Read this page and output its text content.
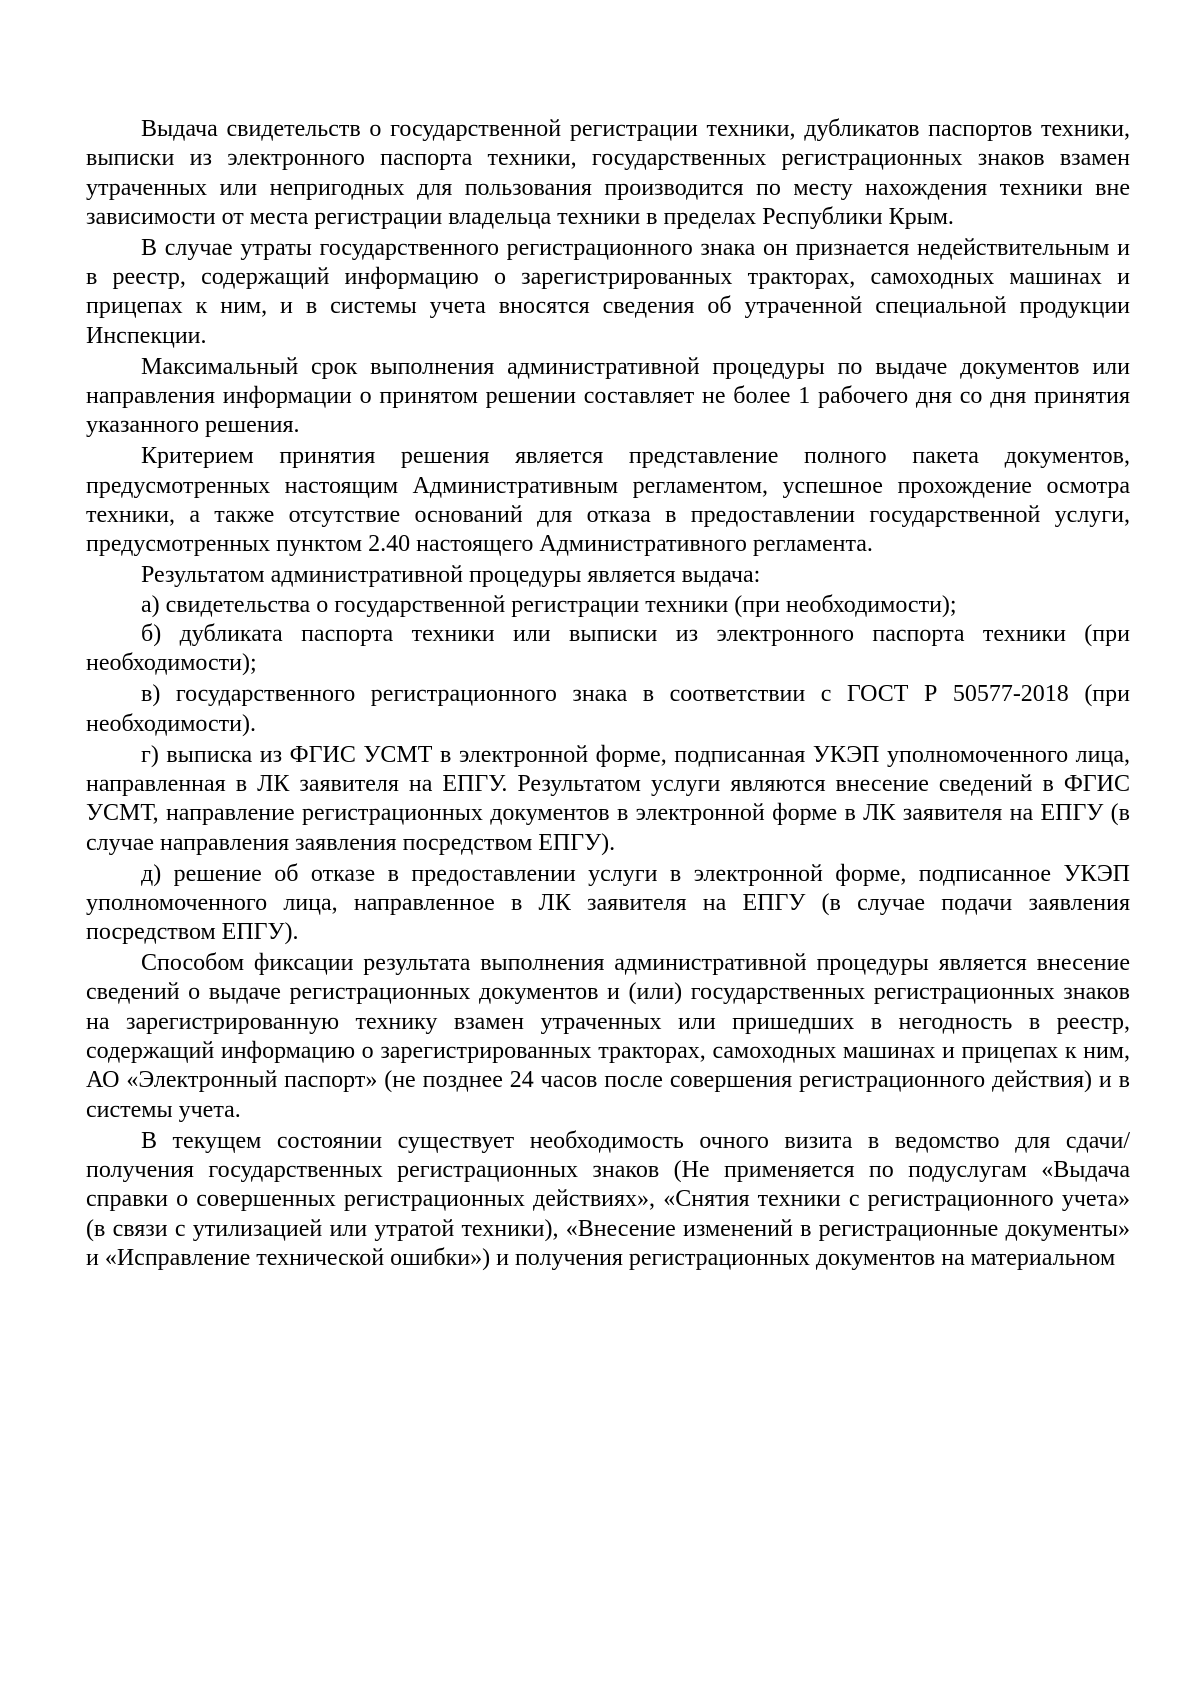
Выдача свидетельств о государственной регистрации техники, дубликатов паспортов техники, выписки из электронного паспорта техники, государственных регистрационных знаков взамен утраченных или непригодных для пользования производится по месту нахождения техники вне зависимости от места регистрации владельца техники в пределах Республики Крым.

В случае утраты государственного регистрационного знака он признается недействительным и в реестр, содержащий информацию о зарегистрированных тракторах, самоходных машинах и прицепах к ним, и в системы учета вносятся сведения об утраченной специальной продукции Инспекции.

Максимальный срок выполнения административной процедуры по выдаче документов или направления информации о принятом решении составляет не более 1 рабочего дня со дня принятия указанного решения.

Критерием принятия решения является представление полного пакета документов, предусмотренных настоящим Административным регламентом, успешное прохождение осмотра техники, а также отсутствие оснований для отказа в предоставлении государственной услуги, предусмотренных пунктом 2.40 настоящего Административного регламента.

Результатом административной процедуры является выдача:

а) свидетельства о государственной регистрации техники (при необходимости);

б) дубликата паспорта техники или выписки из электронного паспорта техники (при необходимости);

в) государственного регистрационного знака в соответствии с ГОСТ Р 50577-2018 (при необходимости).

г) выписка из ФГИС УСМТ в электронной форме, подписанная УКЭП уполномоченного лица, направленная в ЛК заявителя на ЕПГУ. Результатом услуги являются внесение сведений в ФГИС УСМТ, направление регистрационных документов в электронной форме в ЛК заявителя на ЕПГУ (в случае направления заявления посредством ЕПГУ).

д) решение об отказе в предоставлении услуги в электронной форме, подписанное УКЭП уполномоченного лица, направленное в ЛК заявителя на ЕПГУ (в случае подачи заявления посредством ЕПГУ).

Способом фиксации результата выполнения административной процедуры является внесение сведений о выдаче регистрационных документов и (или) государственных регистрационных знаков на зарегистрированную технику взамен утраченных или пришедших в негодность в реестр, содержащий информацию о зарегистрированных тракторах, самоходных машинах и прицепах к ним, АО «Электронный паспорт» (не позднее 24 часов после совершения регистрационного действия) и в системы учета.

В текущем состоянии существует необходимость очного визита в ведомство для сдачи/получения государственных регистрационных знаков (Не применяется по подуслугам «Выдача справки о совершенных регистрационных действиях», «Снятия техники с регистрационного учета» (в связи с утилизацией или утратой техники), «Внесение изменений в регистрационные документы» и «Исправление технической ошибки») и получения регистрационных документов на материальном
